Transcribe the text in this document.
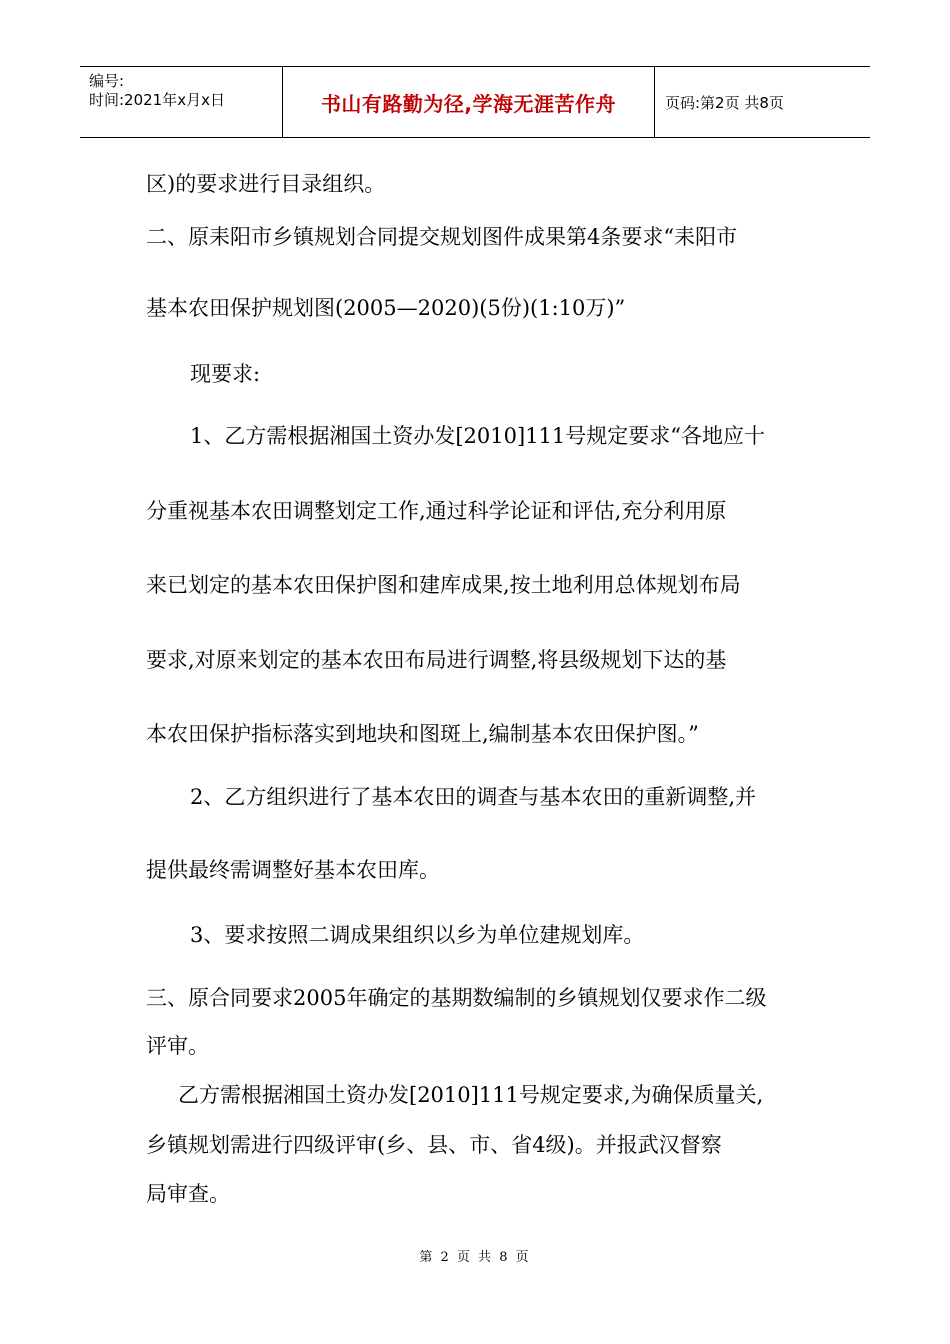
编号:
时间:2021年x月x日	书山有路勤为径,学海无涯苦作舟	页码:第2页 共8页
区)的要求进行目录组织。
二、原耒阳市乡镇规划合同提交规划图件成果第4条要求“耒阳市
基本农田保护规划图(2005—2020)(5份)(1:10万)”
现要求:
1、乙方需根据湘国土资办发[2010]111号规定要求“各地应十
分重视基本农田调整划定工作,通过科学论证和评估,充分利用原
来已划定的基本农田保护图和建库成果,按土地利用总体规划布局
要求,对原来划定的基本农田布局进行调整,将县级规划下达的基
本农田保护指标落实到地块和图斑上,编制基本农田保护图。”
2、乙方组织进行了基本农田的调查与基本农田的重新调整,并
提供最终需调整好基本农田库。
3、要求按照二调成果组织以乡为单位建规划库。
三、原合同要求2005年确定的基期数编制的乡镇规划仅要求作二级
评审。
乙方需根据湘国土资办发[2010]111号规定要求,为确保质量关,
乡镇规划需进行四级评审(乡、县、市、省4级)。并报武汉督察
局审查。
第 2 页 共 8 页
